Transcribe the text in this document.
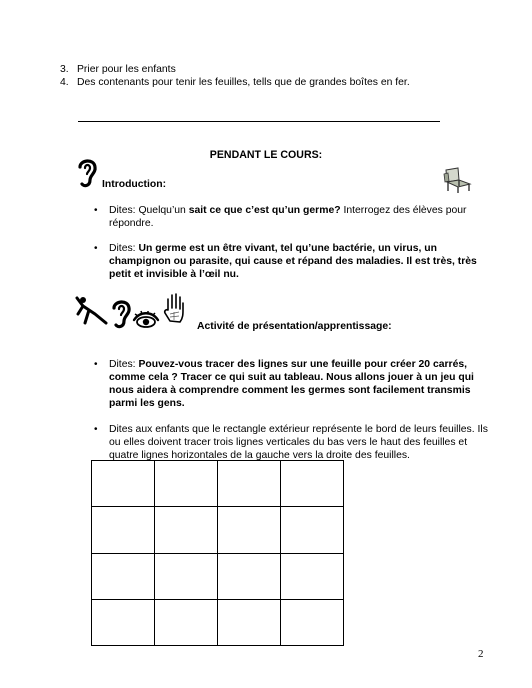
3. Prier pour les enfants
4. Des contenants pour tenir les feuilles, tells que de grandes boîtes en fer.
PENDANT LE COURS:
Introduction:
•	Dites: Quelqu’un sait ce que c’est qu’un germe? Interrogez des élèves pour répondre.
•	Dites: Un germe est un être vivant, tel qu’une bactérie, un virus, un champignon ou parasite, qui cause et répand des maladies. Il est très, très petit et invisible à l’œil nu.
Activité de présentation/apprentissage:
•	Dites: Pouvez-vous tracer des lignes sur une feuille pour créer 20 carrés, comme cela ? Tracer ce qui suit au tableau. Nous allons jouer à un jeu qui nous aidera à comprendre comment les germes sont facilement transmis parmi les gens.
•	Dites aux enfants que le rectangle extérieur représente le bord de leurs feuilles. Ils ou elles doivent tracer trois lignes verticales du bas vers le haut des feuilles et quatre lignes horizontales de la gauche vers la droite des feuilles.

2
